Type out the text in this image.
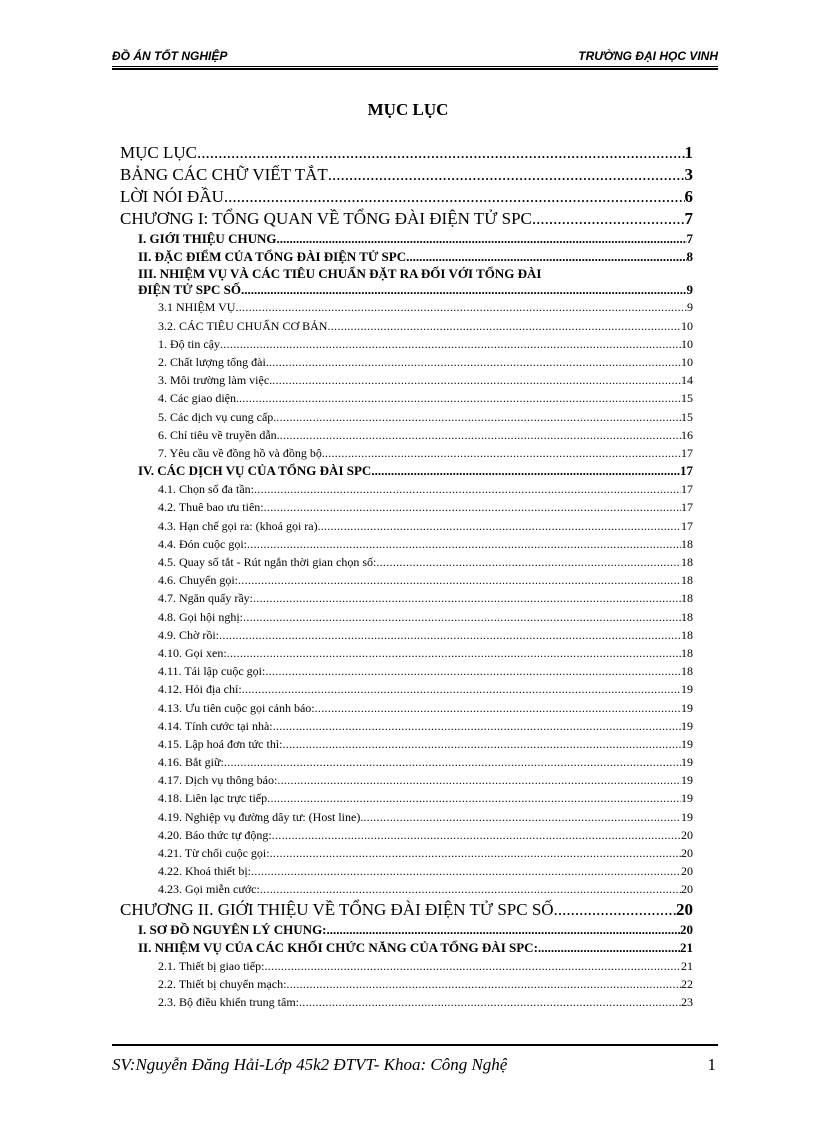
ĐỒ ÁN TỐT NGHIỆP	TRƯỜNG ĐẠI HỌC VINH
MỤC LỤC
MỤC LỤC .....	1
BẢNG CÁC CHỮ VIẾT TẮT .....	3
LỜI NÓI ĐẦU .....	6
CHƯƠNG I: TỔNG QUAN VỀ TỔNG ĐÀI ĐIỆN TỬ SPC. .....	7
I. GIỚI THIỆU CHUNG. .....	7
II. ĐẶC ĐIỂM CỦA TỔNG ĐÀI ĐIỆN TỬ SPC .....	8
III. NHIỆM VỤ VÀ CÁC TIÊU CHUẨN ĐẶT RA ĐỐI VỚI TỔNG ĐÀI
ĐIỆN TỬ SPC SỐ. .....	9
3.1 NHIỆM VỤ .....	9
3.2. CÁC TIÊU CHUẨN CƠ BẢN .....	10
1. Độ tin cậy .....	10
2. Chất lượng tổng đài. .....	10
3. Môi trường làm việc. .....	14
4. Các giao diện. .....	15
5. Các dịch vụ cung cấp. .....	15
6. Chỉ tiêu về truyền dẫn. .....	16
7. Yêu cầu về đồng hồ và đồng bộ. .....	17
IV. CÁC DỊCH VỤ CỦA TỔNG ĐÀI SPC .....	17
4.1. Chọn số đa tần: .....	17
4.2. Thuê bao ưu tiên: .....	17
4.3. Hạn chế gọi ra: (khoá gọi ra). .....	17
4.4. Đón cuộc gọi: .....	18
4.5. Quay số tắt - Rút ngắn thời gian chọn số: .....	18
4.6. Chuyển gọi: .....	18
4.7. Ngăn quấy rầy: .....	18
4.8. Gọi hội nghị: .....	18
4.9. Chờ rồi: .....	18
4.10. Gọi xen: .....	18
4.11. Tái lập cuộc gọi: .....	18
4.12. Hỏi địa chỉ: .....	19
4.13. Ưu tiên cuộc gọi cảnh báo: .....	19
4.14. Tính cước tại nhà: .....	19
4.15. Lập hoá đơn tức thì: .....	19
4.16. Bắt giữ: .....	19
4.17. Dịch vụ thông báo: .....	19
4.18. Liên lạc trực tiếp .....	19
4.19. Nghiệp vụ đường dây tư: (Host line). .....	19
4.20. Báo thức tự động: .....	20
4.21. Từ chối cuộc gọi: .....	20
4.22. Khoá thiết bị: .....	20
4.23. Gọi miễn cước: .....	20
CHƯƠNG II. GIỚI THIỆU VỀ TỔNG ĐÀI ĐIỆN TỬ SPC SỐ .....	20
I. SƠ ĐỒ NGUYÊN LÝ CHUNG: .....	20
II. NHIỆM VỤ CỦA CÁC KHỐI CHỨC NĂNG CỦA TỔNG ĐÀI SPC: .....	21
2.1. Thiết bị giao tiếp: .....	21
2.2. Thiết bị chuyển mạch: .....	22
2.3. Bộ điều khiển trung tâm: .....	23
SV:Nguyễn Đăng Hải-Lớp 45k2 ĐTVT- Khoa: Công Nghệ	1
